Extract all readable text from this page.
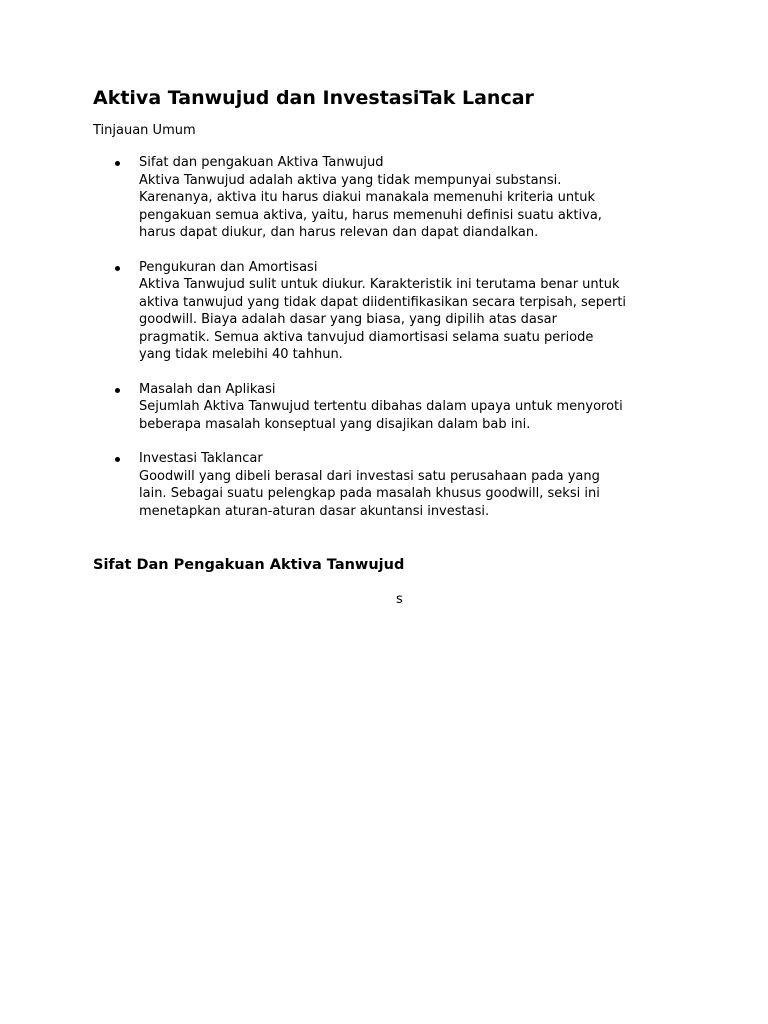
Aktiva Tanwujud dan InvestasiTak Lancar

Tinjauan Umum

Sifat dan pengakuan Aktiva Tanwujud
Aktiva Tanwujud adalah aktiva yang tidak mempunyai substansi.
Karenanya, aktiva itu harus diakui manakala memenuhi kriteria untuk
pengakuan semua aktiva, yaitu, harus memenuhi definisi suatu aktiva,
harus dapat diukur, dan harus relevan dan dapat diandalkan.
Pengukuran dan Amortisasi
Aktiva Tanwujud sulit untuk diukur. Karakteristik ini terutama benar untuk
aktiva tanwujud yang tidak dapat diidentifikasikan secara terpisah, seperti
goodwill. Biaya adalah dasar yang biasa, yang dipilih atas dasar
pragmatik. Semua aktiva tanvujud diamortisasi selama suatu periode
yang tidak melebihi 40 tahhun.
Masalah dan Aplikasi
Sejumlah Aktiva Tanwujud tertentu dibahas dalam upaya untuk menyoroti
beberapa masalah konseptual yang disajikan dalam bab ini.
Investasi Taklancar
Goodwill yang dibeli berasal dari investasi satu perusahaan pada yang
lain. Sebagai suatu pelengkap pada masalah khusus goodwill, seksi ini
menetapkan aturan-aturan dasar akuntansi investasi.
Sifat Dan Pengakuan Aktiva Tanwujud

s
